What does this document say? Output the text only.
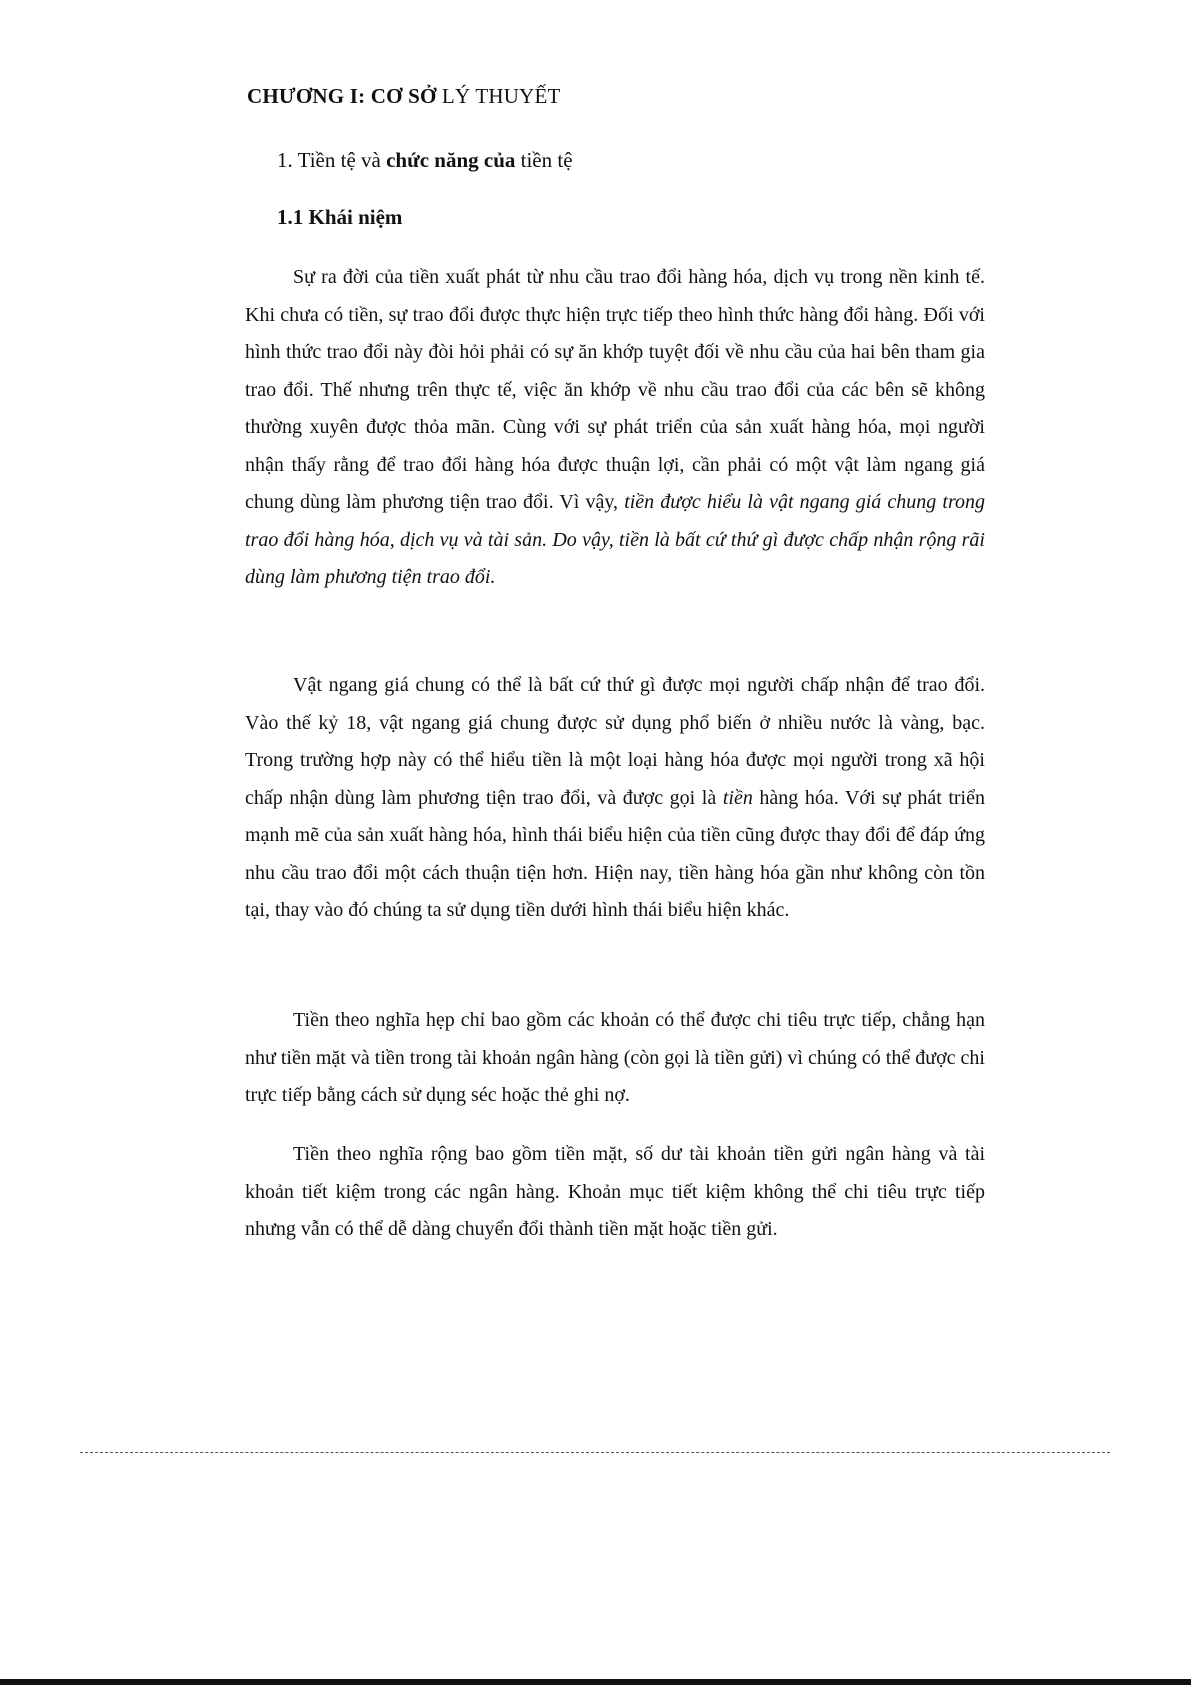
CHƯƠNG I: CƠ SỞ LÝ THUYẾT
1. Tiền tệ và chức năng của tiền tệ
1.1 Khái niệm

Sự ra đời của tiền xuất phát từ nhu cầu trao đổi hàng hóa, dịch vụ trong nền kinh tế. Khi chưa có tiền, sự trao đổi được thực hiện trực tiếp theo hình thức hàng đổi hàng. Đối với hình thức trao đổi này đòi hỏi phải có sự ăn khớp tuyệt đối về nhu cầu của hai bên tham gia trao đổi. Thế nhưng trên thực tế, việc ăn khớp về nhu cầu trao đổi của các bên sẽ không thường xuyên được thỏa mãn. Cùng với sự phát triển của sản xuất hàng hóa, mọi người nhận thấy rằng để trao đổi hàng hóa được thuận lợi, cần phải có một vật làm ngang giá chung dùng làm phương tiện trao đổi. Vì vậy, tiền được hiểu là vật ngang giá chung trong trao đổi hàng hóa, dịch vụ và tài sản. Do vậy, tiền là bất cứ thứ gì được chấp nhận rộng rãi dùng làm phương tiện trao đổi.

Vật ngang giá chung có thể là bất cứ thứ gì được mọi người chấp nhận để trao đổi. Vào thế kỷ 18, vật ngang giá chung được sử dụng phổ biến ở nhiều nước là vàng, bạc. Trong trường hợp này có thể hiểu tiền là một loại hàng hóa được mọi người trong xã hội chấp nhận dùng làm phương tiện trao đổi, và được gọi là tiền hàng hóa. Với sự phát triển mạnh mẽ của sản xuất hàng hóa, hình thái biểu hiện của tiền cũng được thay đổi để đáp ứng nhu cầu trao đổi một cách thuận tiện hơn. Hiện nay, tiền hàng hóa gần như không còn tồn tại, thay vào đó chúng ta sử dụng tiền dưới hình thái biểu hiện khác.

Tiền theo nghĩa hẹp chỉ bao gồm các khoản có thể được chi tiêu trực tiếp, chẳng hạn như tiền mặt và tiền trong tài khoản ngân hàng (còn gọi là tiền gửi) vì chúng có thể được chi trực tiếp bằng cách sử dụng séc hoặc thẻ ghi nợ.

Tiền theo nghĩa rộng bao gồm tiền mặt, số dư tài khoản tiền gửi ngân hàng và tài khoản tiết kiệm trong các ngân hàng. Khoản mục tiết kiệm không thể chi tiêu trực tiếp nhưng vẫn có thể dễ dàng chuyển đổi thành tiền mặt hoặc tiền gửi.
